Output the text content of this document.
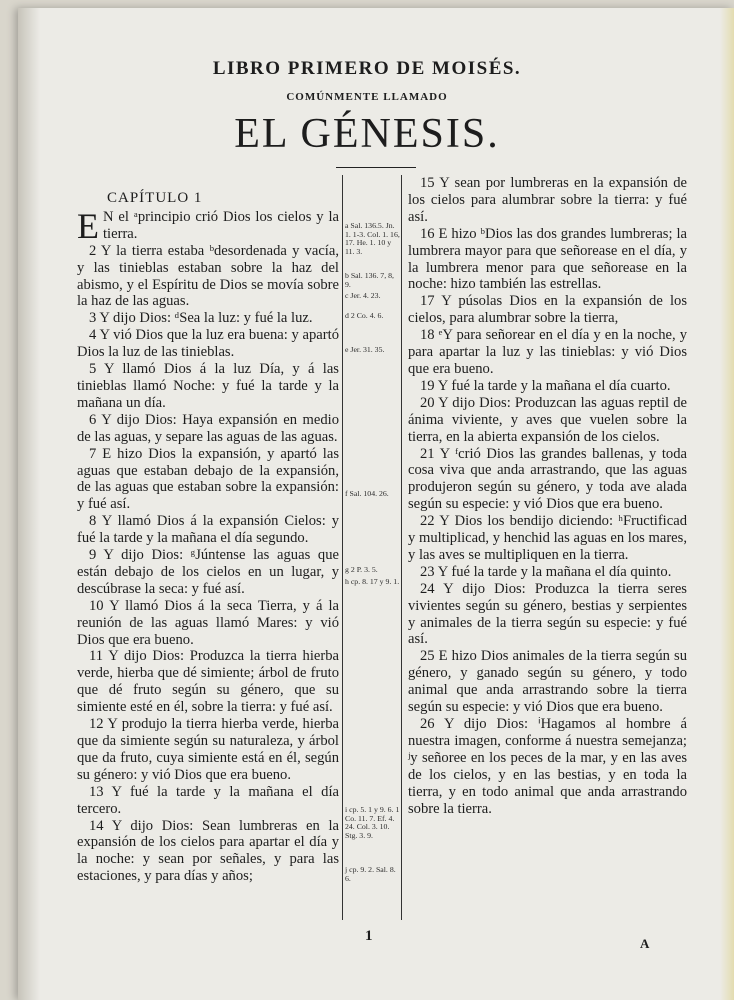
LIBRO PRIMERO DE MOISÉS.
COMÚNMENTE LLAMADO
EL GÉNESIS.
CAPÍTULO 1

E N el ᵃprincipio crió Dios los cielos y la tierra.

2 Y la tierra estaba ᵇdesordenada y vacía, y las tinieblas estaban sobre la haz del abismo, y el Espíritu de Dios se movía sobre la haz de las aguas.

3 Y dijo Dios: ᵈSea la luz: y fué la luz.

4 Y vió Dios que la luz era buena: y apartó Dios la luz de las tinieblas.

5 Y llamó Dios á la luz Día, y á las tinieblas llamó Noche: y fué la tarde y la mañana un día.

6 Y dijo Dios: Haya expansión en medio de las aguas, y separe las aguas de las aguas.

7 E hizo Dios la expansión, y apartó las aguas que estaban debajo de la expansión, de las aguas que estaban sobre la expansión: y fué así.

8 Y llamó Dios á la expansión Cielos: y fué la tarde y la mañana el día segundo.

9 Y dijo Dios: ᵍJúntense las aguas que están debajo de los cielos en un lugar, y descúbrase la seca: y fué así.

10 Y llamó Dios á la seca Tierra, y á la reunión de las aguas llamó Mares: y vió Dios que era bueno.

11 Y dijo Dios: Produzca la tierra hierba verde, hierba que dé simiente; árbol de fruto que dé fruto según su género, que su simiente esté en él, sobre la tierra: y fué así.

12 Y produjo la tierra hierba verde, hierba que da simiente según su naturaleza, y árbol que da fruto, cuya simiente está en él, según su género: y vió Dios que era bueno.

13 Y fué la tarde y la mañana el día tercero.

14 Y dijo Dios: Sean lumbreras en la expansión de los cielos para apartar el día y la noche: y sean por señales, y para las estaciones, y para días y años;

a Sal. 136.5. Jn. 1. 1-3. Col. 1. 16, 17. He. 1. 10 y 11. 3.
b Sal. 136. 7, 8, 9.
c Jer. 4. 23.
d 2 Co. 4. 6.
e Jer. 31. 35.
f Sal. 104. 26.
g 2 P. 3. 5.
h cp. 8. 17 y 9. 1.
i cp. 5. 1 y 9. 6. 1 Co. 11. 7. Ef. 4. 24. Col. 3. 10. Stg. 3. 9.
j cp. 9. 2. Sal. 8. 6.

15 Y sean por lumbreras en la expansión de los cielos para alumbrar sobre la tierra: y fué así.

16 E hizo ᵇDios las dos grandes lumbreras; la lumbrera mayor para que señorease en el día, y la lumbrera menor para que señorease en la noche: hizo también las estrellas.

17 Y púsolas Dios en la expansión de los cielos, para alumbrar sobre la tierra,

18 ᵉY para señorear en el día y en la noche, y para apartar la luz y las tinieblas: y vió Dios que era bueno.

19 Y fué la tarde y la mañana el día cuarto.

20 Y dijo Dios: Produzcan las aguas reptil de ánima viviente, y aves que vuelen sobre la tierra, en la abierta expansión de los cielos.

21 Y ᶠcrió Dios las grandes ballenas, y toda cosa viva que anda arrastrando, que las aguas produjeron según su género, y toda ave alada según su especie: y vió Dios que era bueno.

22 Y Dios los bendijo diciendo: ʰFructificad y multiplicad, y henchid las aguas en los mares, y las aves se multipliquen en la tierra.

23 Y fué la tarde y la mañana el día quinto.

24 Y dijo Dios: Produzca la tierra seres vivientes según su género, bestias y serpientes y animales de la tierra según su especie: y fué así.

25 E hizo Dios animales de la tierra según su género, y ganado según su género, y todo animal que anda arrastrando sobre la tierra según su especie: y vió Dios que era bueno.

26 Y dijo Dios: ⁱHagamos al hombre á nuestra imagen, conforme á nuestra semejanza; ʲy señoree en los peces de la mar, y en las aves de los cielos, y en las bestias, y en toda la tierra, y en todo animal que anda arrastrando sobre la tierra.

1	A
